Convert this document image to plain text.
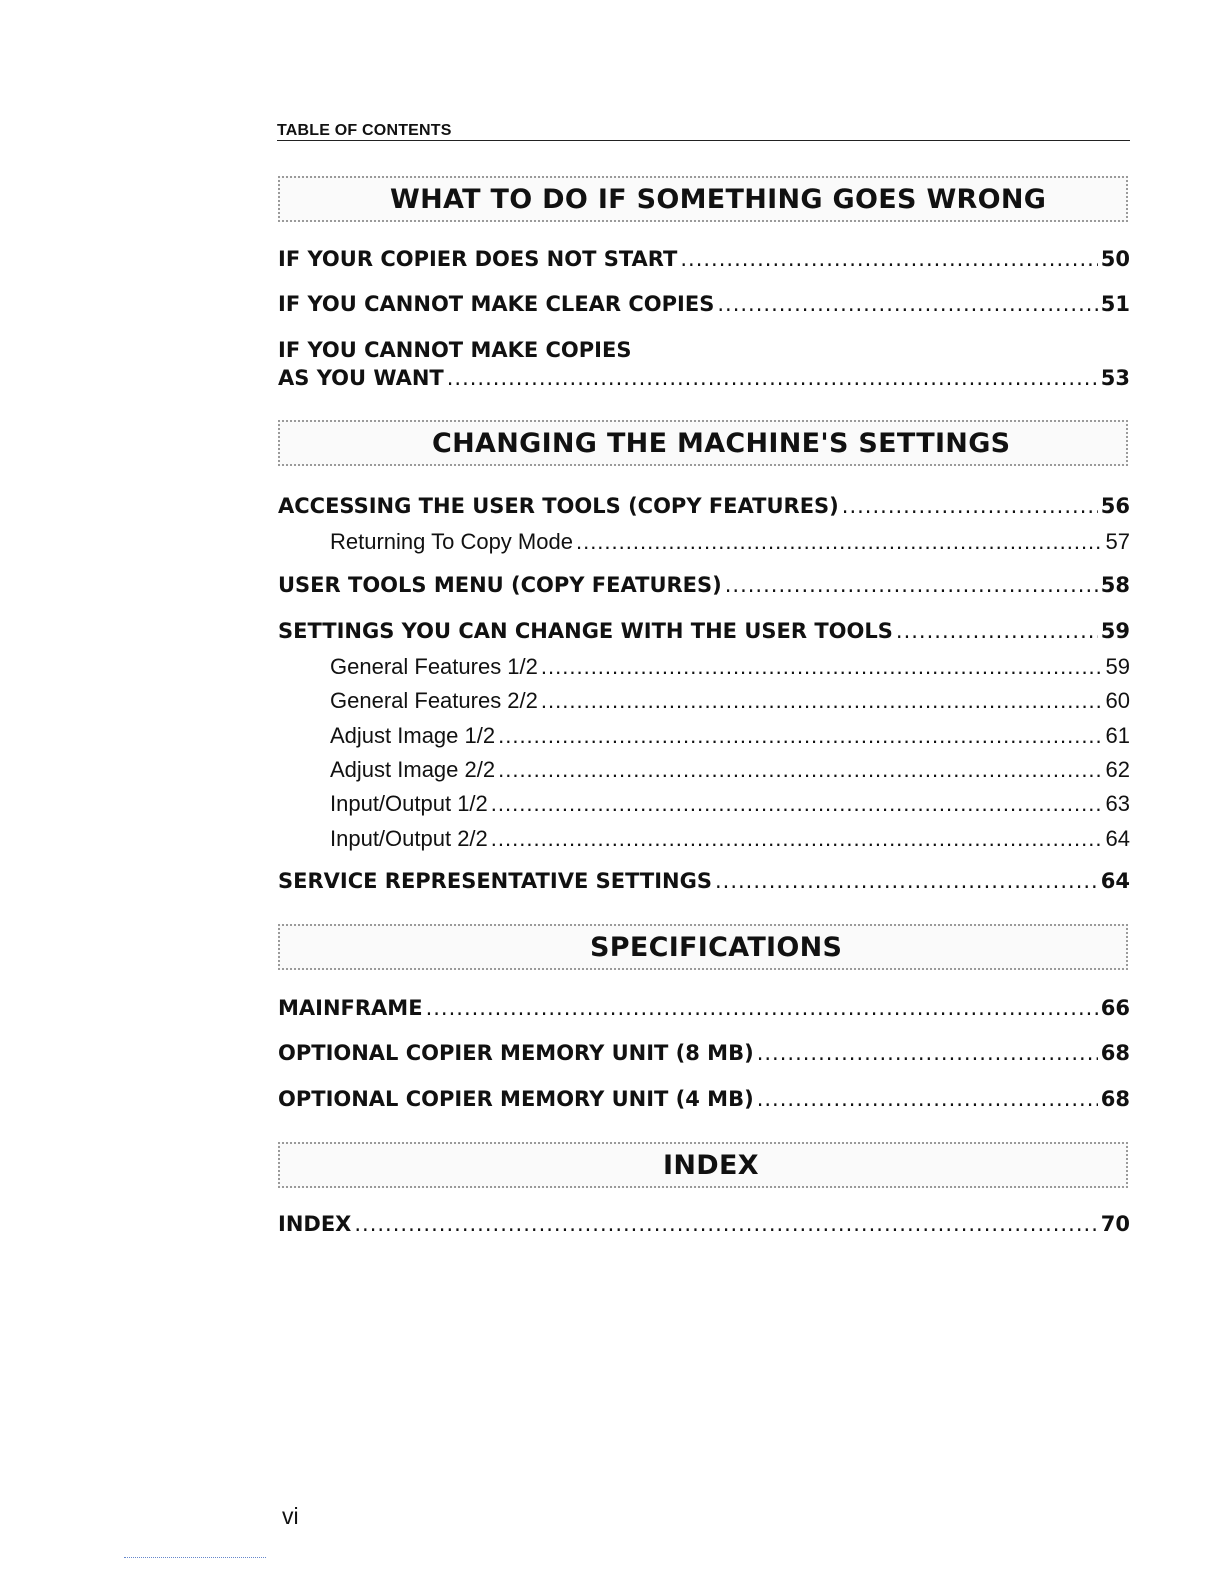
TABLE OF CONTENTS
WHAT TO DO IF SOMETHING GOES WRONG
IF YOUR COPIER DOES NOT START .....	50
IF YOU CANNOT MAKE CLEAR COPIES .....	51
IF YOU CANNOT MAKE COPIES
AS YOU WANT .....	53
CHANGING THE MACHINE'S SETTINGS
ACCESSING THE USER TOOLS (COPY FEATURES) .....	56
Returning To Copy Mode .....	57
USER TOOLS MENU (COPY FEATURES) .....	58
SETTINGS YOU CAN CHANGE WITH THE USER TOOLS .....	59
General Features 1/2 .....	59
General Features 2/2 .....	60
Adjust Image 1/2 .....	61
Adjust Image 2/2 .....	62
Input/Output 1/2 .....	63
Input/Output 2/2 .....	64
SERVICE REPRESENTATIVE SETTINGS .....	64
SPECIFICATIONS
MAINFRAME .....	66
OPTIONAL COPIER MEMORY UNIT (8 MB) .....	68
OPTIONAL COPIER MEMORY UNIT (4 MB) .....	68
INDEX
INDEX .....	70
vi
